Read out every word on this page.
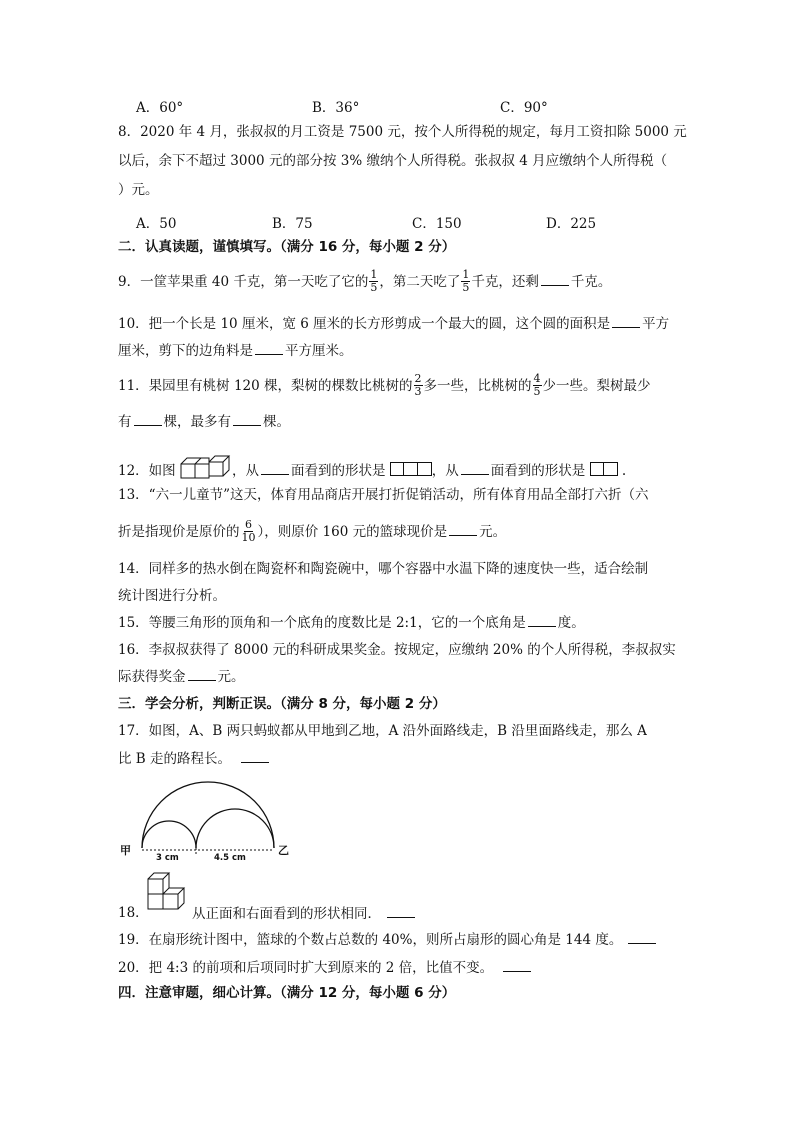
A．60°	B．36°	C．90°
8．2020 年 4 月，张叔叔的月工资是 7500 元，按个人所得税的规定，每月工资扣除 5000 元
以后，余下不超过 3000 元的部分按 3% 缴纳个人所得税。张叔叔 4 月应缴纳个人所得税（
）元。
A．50	B．75	C．150	D．225
二．认真读题，谨慎填写。（满分 16 分，每小题 2 分）
9．一筐苹果重 40 千克，第一天吃了它的 $\frac{1}{5}$ ，第二天吃了 $\frac{1}{5}$ 千克，还剩 千克。
10．把一个长是 10 厘米，宽 6 厘米的长方形剪成一个最大的圆，这个圆的面积是 平方
厘米，剪下的边角料是 平方厘米。
11．果园里有桃树 120 棵，梨树的棵数比桃树的 $\frac{2}{3}$ 多一些，比桃树的 $\frac{4}{5}$ 少一些。梨树最少
有 棵，最多有 棵。
12．如图	，从 面看到的形状是	，从 面看到的形状是	.
13．“六一儿童节”这天，体育用品商店开展打折促销活动，所有体育用品全部打六折（六
折是指现价是原价的 $\frac{6}{10}$ ），则原价 160 元的篮球现价是 元。
14．同样多的热水倒在陶瓷杯和陶瓷碗中，哪个容器中水温下降的速度快一些，适合绘制
统计图进行分析。
15．等腰三角形的顶角和一个底角的度数比是 2:1，它的一个底角是 度。
16．李叔叔获得了 8000 元的科研成果奖金。按规定，应缴纳 20% 的个人所得税，李叔叔实
际获得奖金 元。
三．学会分析，判断正误。（满分 8 分，每小题 2 分）
17．如图，A、B 两只蚂蚁都从甲地到乙地，A 沿外面路线走，B 沿里面路线走，那么 A
比 B 走的路程长。
甲	乙
3 cm	4.5 cm
18．	从正面和右面看到的形状相同．
19．在扇形统计图中，篮球的个数占总数的 40%，则所占扇形的圆心角是 144 度。
20．把 4:3 的前项和后项同时扩大到原来的 2 倍，比值不变。
四．注意审题，细心计算。（满分 12 分，每小题 6 分）
